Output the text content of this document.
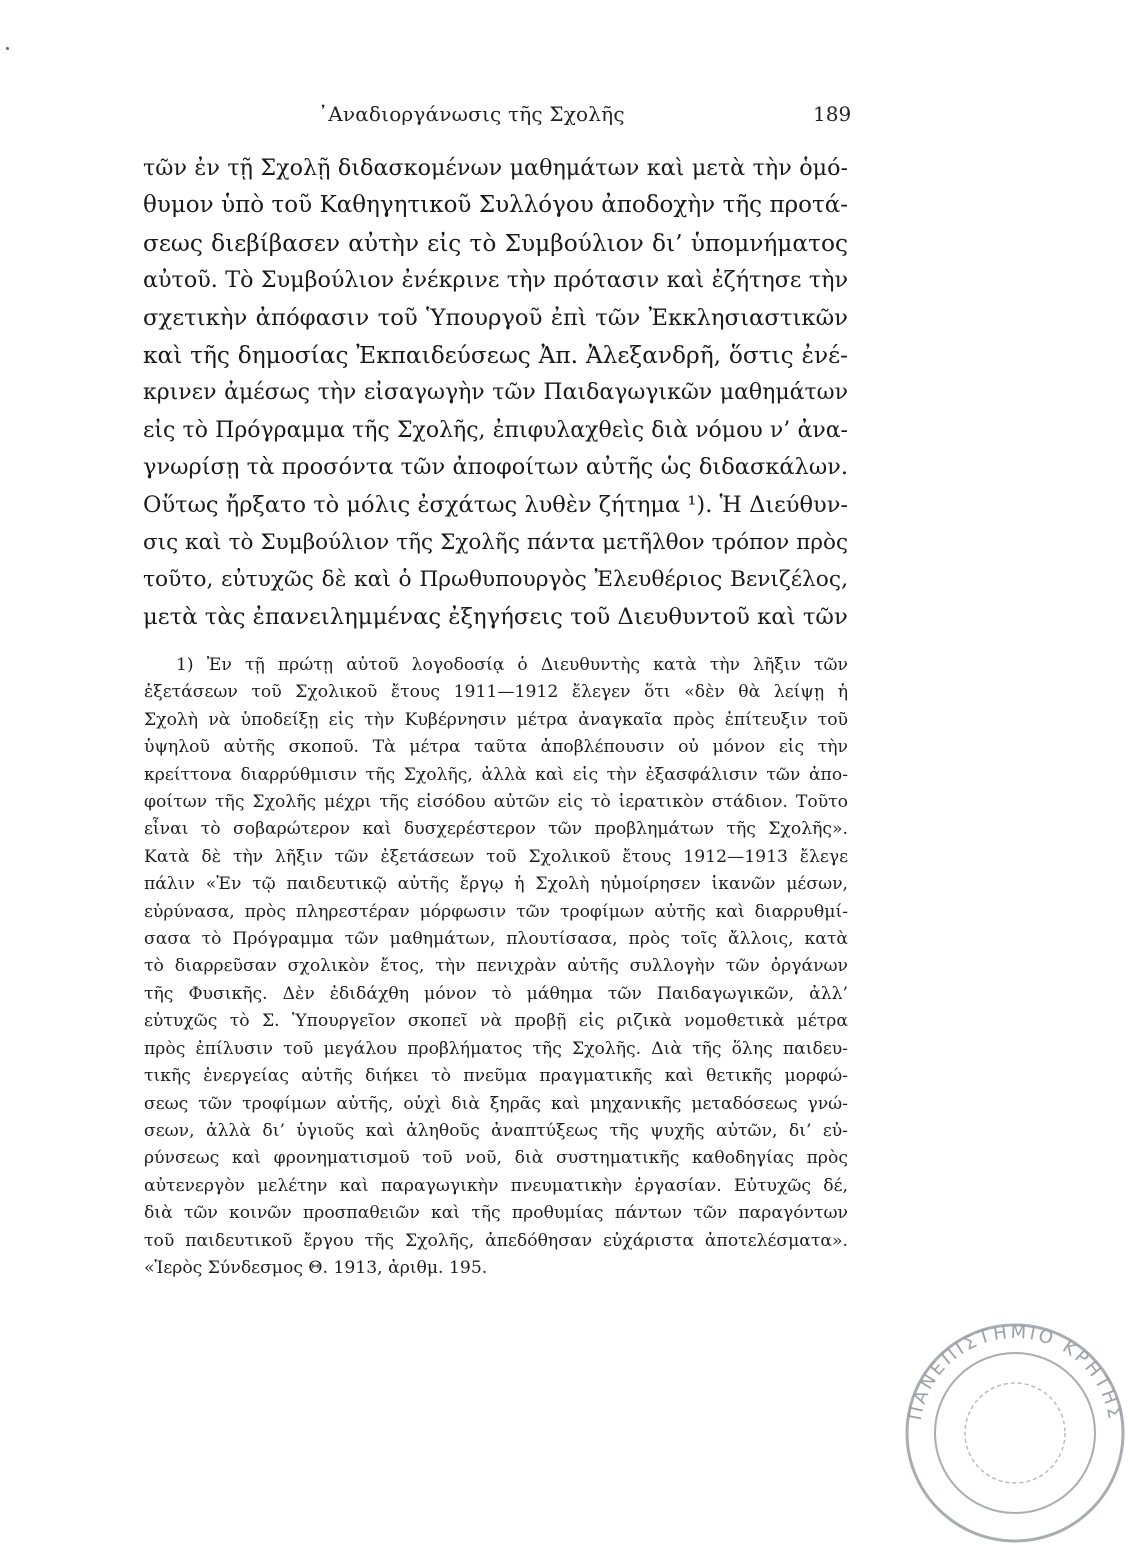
᾿Αναδιοργάνωσις τῆς Σχολῆς	189
τῶν ἐν τῇ Σχολῇ διδασκομένων μαθημάτων καὶ μετὰ τὴν ὁμό-
θυμον ὑπὸ τοῦ Καθηγητικοῦ Συλλόγου ἀποδοχὴν τῆς προτά-
σεως διεβίβασεν αὐτὴν εἰς τὸ Συμβούλιον δι’ ὑπομνήματος
αὐτοῦ. Τὸ Συμβούλιον ἐνέκρινε τὴν πρότασιν καὶ ἐζήτησε τὴν
σχετικὴν ἀπόφασιν τοῦ Ὑπουργοῦ ἐπὶ τῶν Ἐκκλησιαστικῶν
καὶ τῆς δημοσίας Ἐκπαιδεύσεως Ἀπ. Ἀλεξανδρῆ, ὅστις ἐνέ-
κρινεν ἀμέσως τὴν εἰσαγωγὴν τῶν Παιδαγωγικῶν μαθημάτων
εἰς τὸ Πρόγραμμα τῆς Σχολῆς, ἐπιφυλαχθεὶς διὰ νόμου ν’ ἀνα-
γνωρίσῃ τὰ προσόντα τῶν ἀποφοίτων αὐτῆς ὡς διδασκάλων.
Οὕτως ἤρξατο τὸ μόλις ἐσχάτως λυθὲν ζήτημα ¹). Ἡ Διεύθυν-
σις καὶ τὸ Συμβούλιον τῆς Σχολῆς πάντα μετῆλθον τρόπον πρὸς
τοῦτο, εὐτυχῶς δὲ καὶ ὁ Πρωθυπουργὸς Ἐλευθέριος Βενιζέλος,
μετὰ τὰς ἐπανειλημμένας ἐξηγήσεις τοῦ Διευθυντοῦ καὶ τῶν
1) Ἐν τῇ πρώτῃ αὐτοῦ λογοδοσίᾳ ὁ Διευθυντὴς κατὰ τὴν λῆξιν τῶν
ἐξετάσεων τοῦ Σχολικοῦ ἔτους 1911—1912 ἔλεγεν ὅτι «δὲν θὰ λείψῃ ἡ
Σχολὴ νὰ ὑποδείξῃ εἰς τὴν Κυβέρνησιν μέτρα ἀναγκαῖα πρὸς ἐπίτευξιν τοῦ
ὑψηλοῦ αὐτῆς σκοποῦ. Τὰ μέτρα ταῦτα ἀποβλέπουσιν οὐ μόνον εἰς τὴν
κρείττονα διαρρύθμισιν τῆς Σχολῆς, ἀλλὰ καὶ εἰς τὴν ἐξασφάλισιν τῶν ἀπο-
φοίτων τῆς Σχολῆς μέχρι τῆς εἰσόδου αὐτῶν εἰς τὸ ἱερατικὸν στάδιον. Τοῦτο
εἶναι τὸ σοβαρώτερον καὶ δυσχερέστερον τῶν προβλημάτων τῆς Σχολῆς».
Κατὰ δὲ τὴν λῆξιν τῶν ἐξετάσεων τοῦ Σχολικοῦ ἔτους 1912—1913 ἔλεγε
πάλιν «Ἐν τῷ παιδευτικῷ αὐτῆς ἔργῳ ἡ Σχολὴ ηὐμοίρησεν ἱκανῶν μέσων,
εὐρύνασα, πρὸς πληρεστέραν μόρφωσιν τῶν τροφίμων αὐτῆς καὶ διαρρυθμί-
σασα τὸ Πρόγραμμα τῶν μαθημάτων, πλουτίσασα, πρὸς τοῖς ἄλλοις, κατὰ
τὸ διαρρεῦσαν σχολικὸν ἔτος, τὴν πενιχρὰν αὐτῆς συλλογὴν τῶν ὀργάνων
τῆς Φυσικῆς. Δὲν ἐδιδάχθη μόνον τὸ μάθημα τῶν Παιδαγωγικῶν, ἀλλ’
εὐτυχῶς τὸ Σ. Ὑπουργεῖον σκοπεῖ νὰ προβῇ εἰς ριζικὰ νομοθετικὰ μέτρα
πρὸς ἐπίλυσιν τοῦ μεγάλου προβλήματος τῆς Σχολῆς. Διὰ τῆς ὅλης παιδευ-
τικῆς ἐνεργείας αὐτῆς διήκει τὸ πνεῦμα πραγματικῆς καὶ θετικῆς μορφώ-
σεως τῶν τροφίμων αὐτῆς, οὐχὶ διὰ ξηρᾶς καὶ μηχανικῆς μεταδόσεως γνώ-
σεων, ἀλλὰ δι’ ὑγιοῦς καὶ ἀληθοῦς ἀναπτύξεως τῆς ψυχῆς αὐτῶν, δι’ εὐ-
ρύνσεως καὶ φρονηματισμοῦ τοῦ νοῦ, διὰ συστηματικῆς καθοδηγίας πρὸς
αὐτενεργὸν μελέτην καὶ παραγωγικὴν πνευματικὴν ἐργασίαν. Εὐτυχῶς δέ,
διὰ τῶν κοινῶν προσπαθειῶν καὶ τῆς προθυμίας πάντων τῶν παραγόντων
τοῦ παιδευτικοῦ ἔργου τῆς Σχολῆς, ἀπεδόθησαν εὐχάριστα ἀποτελέσματα».
«Ἱερὸς Σύνδεσμος Θ. 1913, ἀριθμ. 195.
ΠΑΝΕΠΙΣΤΗΜΙΟ ΚΡΗΤΗΣ
